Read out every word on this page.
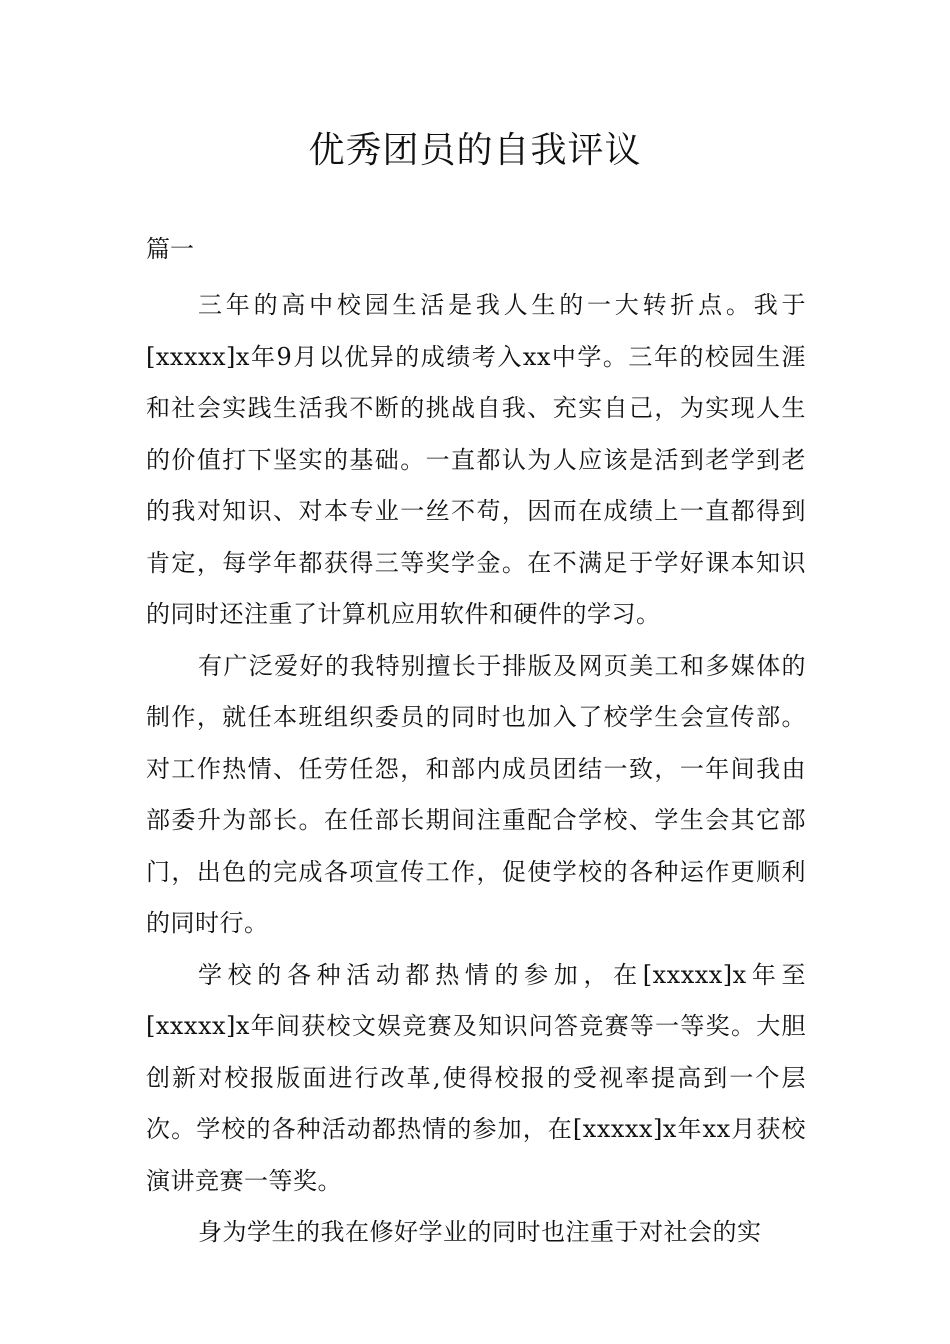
优秀团员的自我评议

篇一

三年的高中校园生活是我人生的一大转折点。我于[xxxxx]x年9月以优异的成绩考入xx中学。三年的校园生涯和社会实践生活我不断的挑战自我、充实自己，为实现人生的价值打下坚实的基础。一直都认为人应该是活到老学到老的我对知识、对本专业一丝不苟，因而在成绩上一直都得到肯定，每学年都获得三等奖学金。在不满足于学好课本知识的同时还注重了计算机应用软件和硬件的学习。

有广泛爱好的我特别擅长于排版及网页美工和多媒体的制作，就任本班组织委员的同时也加入了校学生会宣传部。对工作热情、任劳任怨，和部内成员团结一致，一年间我由部委升为部长。在任部长期间注重配合学校、学生会其它部门，出色的完成各项宣传工作，促使学校的各种运作更顺利的同时行。

学校的各种活动都热情的参加，在[xxxxx]x年至[xxxxx]x年间获校文娱竞赛及知识问答竞赛等一等奖。大胆创新对校报版面进行改革,使得校报的受视率提高到一个层次。学校的各种活动都热情的参加，在[xxxxx]x年xx月获校演讲竞赛一等奖。

身为学生的我在修好学业的同时也注重于对社会的实
